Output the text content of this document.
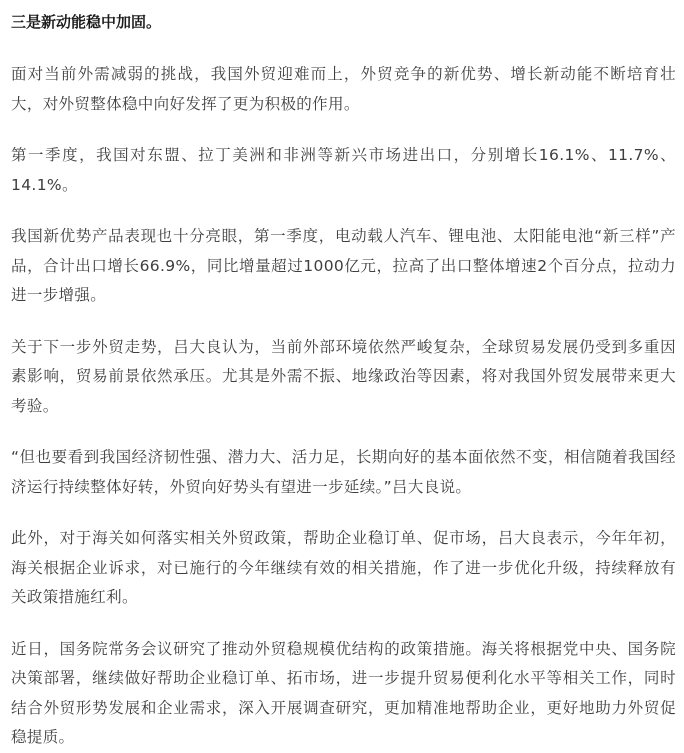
三是新动能稳中加固。

面对当前外需减弱的挑战，我国外贸迎难而上，外贸竞争的新优势、增长新动能不断培育壮大，对外贸整体稳中向好发挥了更为积极的作用。

第一季度，我国对东盟、拉丁美洲和非洲等新兴市场进出口，分别增长16.1%、11.7%、14.1%。

我国新优势产品表现也十分亮眼，第一季度，电动载人汽车、锂电池、太阳能电池“新三样”产品，合计出口增长66.9%，同比增量超过1000亿元，拉高了出口整体增速2个百分点，拉动力进一步增强。

关于下一步外贸走势，吕大良认为，当前外部环境依然严峻复杂，全球贸易发展仍受到多重因素影响，贸易前景依然承压。尤其是外需不振、地缘政治等因素，将对我国外贸发展带来更大考验。

“但也要看到我国经济韧性强、潜力大、活力足，长期向好的基本面依然不变，相信随着我国经济运行持续整体好转，外贸向好势头有望进一步延续。”吕大良说。

此外，对于海关如何落实相关外贸政策，帮助企业稳订单、促市场，吕大良表示，今年年初，海关根据企业诉求，对已施行的今年继续有效的相关措施，作了进一步优化升级，持续释放有关政策措施红利。

近日，国务院常务会议研究了推动外贸稳规模优结构的政策措施。海关将根据党中央、国务院决策部署，继续做好帮助企业稳订单、拓市场，进一步提升贸易便利化水平等相关工作，同时结合外贸形势发展和企业需求，深入开展调查研究，更加精准地帮助企业，更好地助力外贸促稳提质。
